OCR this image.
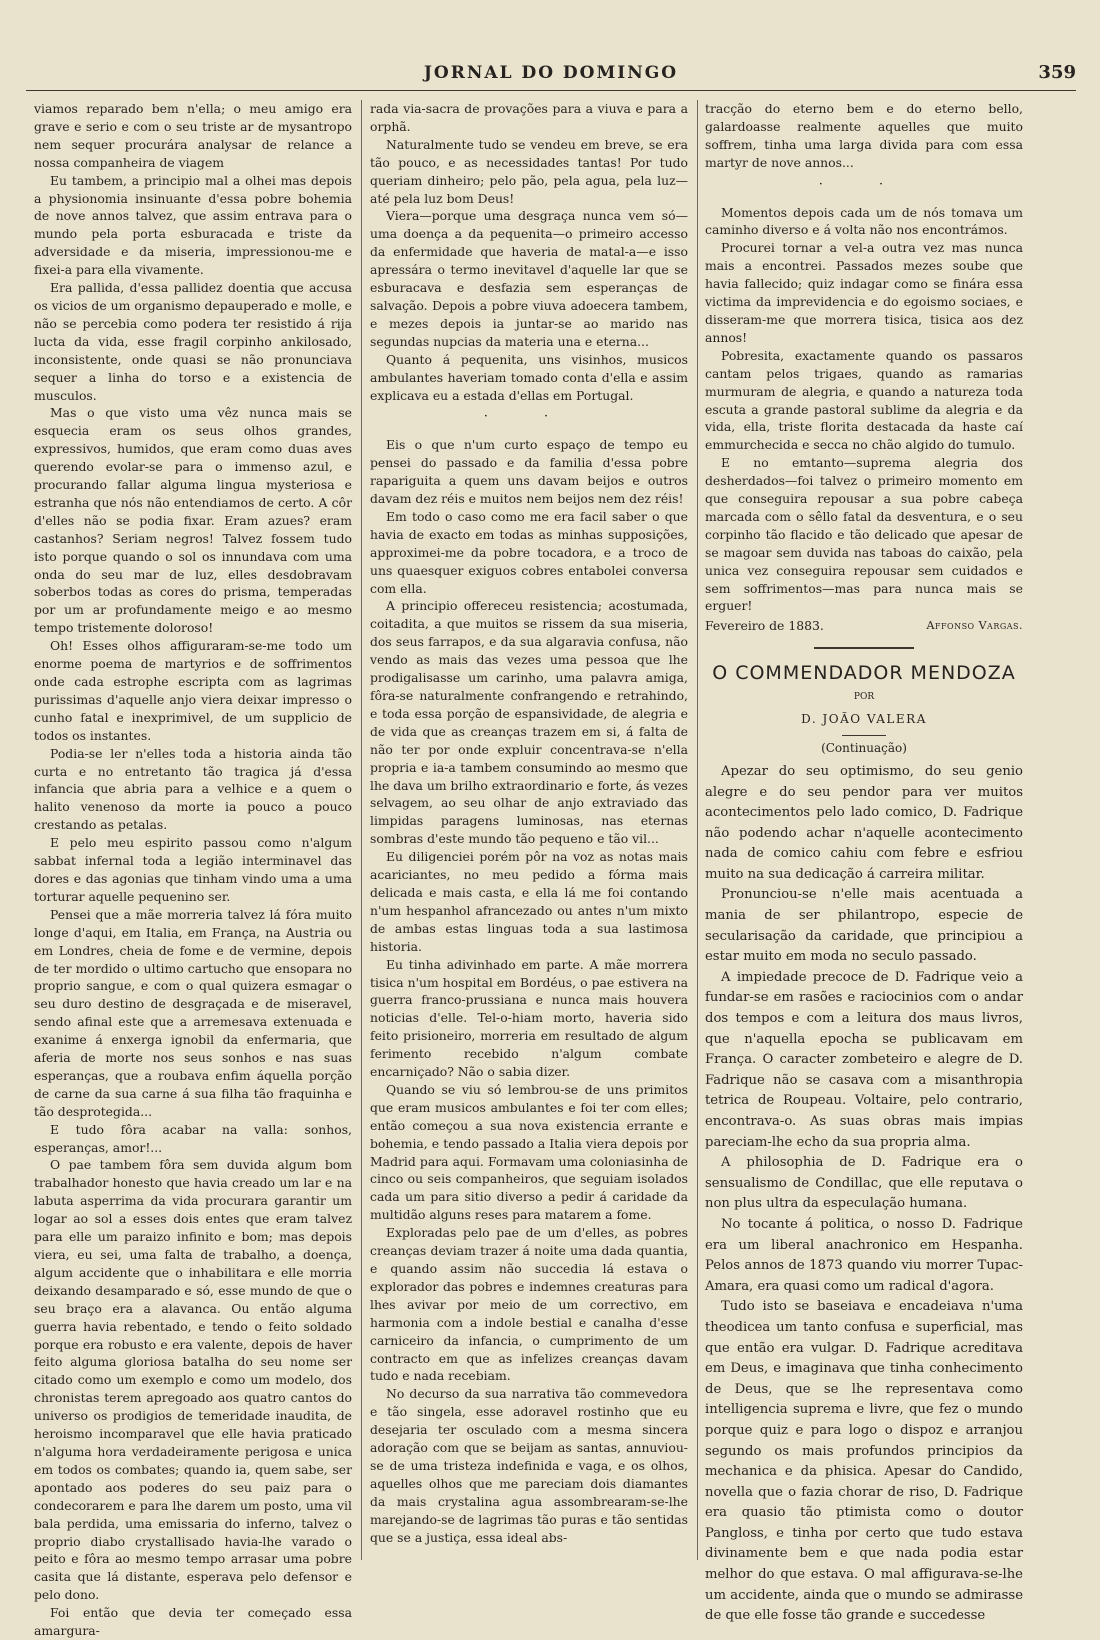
JORNAL DO DOMINGO	359

viamos reparado bem n'ella; o meu amigo era grave e serio e com o seu triste ar de mysantropo nem sequer procurára analysar de relance a nossa companheira de viagem

Eu tambem, a principio mal a olhei mas depois a physionomia insinuante d'essa pobre bohemia de nove annos talvez, que assim entrava para o mundo pela porta esburacada e triste da adversidade e da miseria, impressionou-me e fixei-a para ella vivamente.

Era pallida, d'essa pallidez doentia que accusa os vicios de um organismo depauperado e molle, e não se percebia como podera ter resistido á rija lucta da vida, esse fragil corpinho ankilosado, inconsistente, onde quasi se não pronunciava sequer a linha do torso e a existencia de musculos.

Mas o que visto uma vêz nunca mais se esquecia eram os seus olhos grandes, expressivos, humidos, que eram como duas aves querendo evolar-se para o immenso azul, e procurando fallar alguma lingua mysteriosa e estranha que nós não entendiamos de certo. A côr d'elles não se podia fixar. Eram azues? eram castanhos? Seriam negros! Talvez fossem tudo isto porque quando o sol os innundava com uma onda do seu mar de luz, elles desdobravam soberbos todas as cores do prisma, temperadas por um ar profundamente meigo e ao mesmo tempo tristemente doloroso!

Oh! Esses olhos affiguraram-se-me todo um enorme poema de martyrios e de soffrimentos onde cada estrophe escripta com as lagrimas purissimas d'aquelle anjo viera deixar impresso o cunho fatal e inexprimivel, de um supplicio de todos os instantes.

Podia-se ler n'elles toda a historia ainda tão curta e no entretanto tão tragica já d'essa infancia que abria para a velhice e a quem o halito venenoso da morte ia pouco a pouco crestando as petalas.

E pelo meu espirito passou como n'algum sabbat infernal toda a legião interminavel das dores e das agonias que tinham vindo uma a uma torturar aquelle pequenino ser.

Pensei que a mãe morreria talvez lá fóra muito longe d'aqui, em Italia, em França, na Austria ou em Londres, cheia de fome e de vermine, depois de ter mordido o ultimo cartucho que ensopara no proprio sangue, e com o qual quizera esmagar o seu duro destino de desgraçada e de miseravel, sendo afinal este que a arremesava extenuada e exanime á enxerga ignobil da enfermaria, que aferia de morte nos seus sonhos e nas suas esperanças, que a roubava enfim áquella porção de carne da sua carne á sua filha tão fraquinha e tão desprotegida...

E tudo fôra acabar na valla: sonhos, esperanças, amor!...

O pae tambem fôra sem duvida algum bom trabalhador honesto que havia creado um lar e na labuta asperrima da vida procurara garantir um logar ao sol a esses dois entes que eram talvez para elle um paraizo infinito e bom; mas depois viera, eu sei, uma falta de trabalho, a doença, algum accidente que o inhabilitara e elle morria deixando desamparado e só, esse mundo de que o seu braço era a alavanca. Ou então alguma guerra havia rebentado, e tendo o feito soldado porque era robusto e era valente, depois de haver feito alguma gloriosa batalha do seu nome ser citado como um exemplo e como um modelo, dos chronistas terem apregoado aos quatro cantos do universo os prodigios de temeridade inaudita, de heroismo incomparavel que elle havia praticado n'alguma hora verdadeiramente perigosa e unica em todos os combates; quando ia, quem sabe, ser apontado aos poderes do seu paiz para o condecorarem e para lhe darem um posto, uma vil bala perdida, uma emissaria do inferno, talvez o proprio diabo crystallisado havia-lhe varado o peito e fôra ao mesmo tempo arrasar uma pobre casita que lá distante, esperava pelo defensor e pelo dono.

Foi então que devia ter começado essa amargura-

rada via-sacra de provações para a viuva e para a orphã.

Naturalmente tudo se vendeu em breve, se era tão pouco, e as necessidades tantas! Por tudo queriam dinheiro; pelo pão, pela agua, pela luz—até pela luz bom Deus!

Viera—porque uma desgraça nunca vem só—uma doença a da pequenita—o primeiro accesso da enfermidade que haveria de matal-a—e isso apressára o termo inevitavel d'aquelle lar que se esburacava e desfazia sem esperanças de salvação. Depois a pobre viuva adoecera tambem, e mezes depois ia juntar-se ao marido nas segundas nupcias da materia una e eterna...

Quanto á pequenita, uns visinhos, musicos ambulantes haveriam tomado conta d'ella e assim explicava eu a estada d'ellas em Portugal.

· ·

Eis o que n'um curto espaço de tempo eu pensei do passado e da familia d'essa pobre rapariguita a quem uns davam beijos e outros davam dez réis e muitos nem beijos nem dez réis!

Em todo o caso como me era facil saber o que havia de exacto em todas as minhas supposições, approximei-me da pobre tocadora, e a troco de uns quaesquer exiguos cobres entabolei conversa com ella.

A principio offereceu resistencia; acostumada, coitadita, a que muitos se rissem da sua miseria, dos seus farrapos, e da sua algaravia confusa, não vendo as mais das vezes uma pessoa que lhe prodigalisasse um carinho, uma palavra amiga, fôra-se naturalmente confrangendo e retrahindo, e toda essa porção de espansividade, de alegria e de vida que as creanças trazem em si, á falta de não ter por onde expluir concentrava-se n'ella propria e ia-a tambem consumindo ao mesmo que lhe dava um brilho extraordinario e forte, ás vezes selvagem, ao seu olhar de anjo extraviado das limpidas paragens luminosas, nas eternas sombras d'este mundo tão pequeno e tão vil...

Eu diligenciei porém pôr na voz as notas mais acariciantes, no meu pedido a fórma mais delicada e mais casta, e ella lá me foi contando n'um hespanhol afrancezado ou antes n'um mixto de ambas estas linguas toda a sua lastimosa historia.

Eu tinha adivinhado em parte. A mãe morrera tisica n'um hospital em Bordéus, o pae estivera na guerra franco-prussiana e nunca mais houvera noticias d'elle. Tel-o-hiam morto, haveria sido feito prisioneiro, morreria em resultado de algum ferimento recebido n'algum combate encarniçado? Não o sabia dizer.

Quando se viu só lembrou-se de uns primitos que eram musicos ambulantes e foi ter com elles; então começou a sua nova existencia errante e bohemia, e tendo passado a Italia viera depois por Madrid para aqui. Formavam uma coloniasinha de cinco ou seis companheiros, que seguiam isolados cada um para sitio diverso a pedir á caridade da multidão alguns reses para matarem a fome.

Exploradas pelo pae de um d'elles, as pobres creanças deviam trazer á noite uma dada quantia, e quando assim não succedia lá estava o explorador das pobres e indemnes creaturas para lhes avivar por meio de um correctivo, em harmonia com a indole bestial e canalha d'esse carniceiro da infancia, o cumprimento de um contracto em que as infelizes creanças davam tudo e nada recebiam.

No decurso da sua narrativa tão commevedora e tão singela, esse adoravel rostinho que eu desejaria ter osculado com a mesma sincera adoração com que se beijam as santas, annuviou-se de uma tristeza indefinida e vaga, e os olhos, aquelles olhos que me pareciam dois diamantes da mais crystalina agua assombrearam-se-lhe marejando-se de lagrimas tão puras e tão sentidas que se a justiça, essa ideal abs-

tracção do eterno bem e do eterno bello, galardoasse realmente aquelles que muito soffrem, tinha uma larga divida para com essa martyr de nove annos...

· ·

Momentos depois cada um de nós tomava um caminho diverso e á volta não nos encontrámos.

Procurei tornar a vel-a outra vez mas nunca mais a encontrei. Passados mezes soube que havia fallecido; quiz indagar como se finára essa victima da imprevidencia e do egoismo sociaes, e disseram-me que morrera tisica, tisica aos dez annos!

Pobresita, exactamente quando os passaros cantam pelos trigaes, quando as ramarias murmuram de alegria, e quando a natureza toda escuta a grande pastoral sublime da alegria e da vida, ella, triste florita destacada da haste caí emmurchecida e secca no chão algido do tumulo.

E no emtanto—suprema alegria dos desherdados—foi talvez o primeiro momento em que conseguira repousar a sua pobre cabeça marcada com o sêllo fatal da desventura, e o seu corpinho tão flacido e tão delicado que apesar de se magoar sem duvida nas taboas do caixão, pela unica vez conseguira repousar sem cuidados e sem soffrimentos—mas para nunca mais se erguer!

Fevereiro de 1883.	Affonso Vargas.
O COMMENDADOR MENDOZA
POR
D. JOÃO VALERA
(Continuação)

Apezar do seu optimismo, do seu genio alegre e do seu pendor para ver muitos acontecimentos pelo lado comico, D. Fadrique não podendo achar n'aquelle acontecimento nada de comico cahiu com febre e esfriou muito na sua dedicação á carreira militar.

Pronunciou-se n'elle mais acentuada a mania de ser philantropo, especie de secularisação da caridade, que principiou a estar muito em moda no seculo passado.

A impiedade precoce de D. Fadrique veio a fundar-se em rasões e raciocinios com o andar dos tempos e com a leitura dos maus livros, que n'aquella epocha se publicavam em França. O caracter zombeteiro e alegre de D. Fadrique não se casava com a misanthropia tetrica de Roupeau. Voltaire, pelo contrario, encontrava-o. As suas obras mais impias pareciam-lhe echo da sua propria alma.

A philosophia de D. Fadrique era o sensualismo de Condillac, que elle reputava o non plus ultra da especulação humana.

No tocante á politica, o nosso D. Fadrique era um liberal anachronico em Hespanha. Pelos annos de 1873 quando viu morrer Tupac-Amara, era quasi como um radical d'agora.

Tudo isto se baseiava e encadeiava n'uma theodicea um tanto confusa e superficial, mas que então era vulgar. D. Fadrique acreditava em Deus, e imaginava que tinha conhecimento de Deus, que se lhe representava como intelligencia suprema e livre, que fez o mundo porque quiz e para logo o dispoz e arranjou segundo os mais profundos principios da mechanica e da phisica. Apesar do Candido, novella que o fazia chorar de riso, D. Fadrique era quasio tão ptimista como o doutor Pangloss, e tinha por certo que tudo estava divinamente bem e que nada podia estar melhor do que estava. O mal affigurava-se-lhe um accidente, ainda que o mundo se admirasse de que elle fosse tão grande e succedesse
